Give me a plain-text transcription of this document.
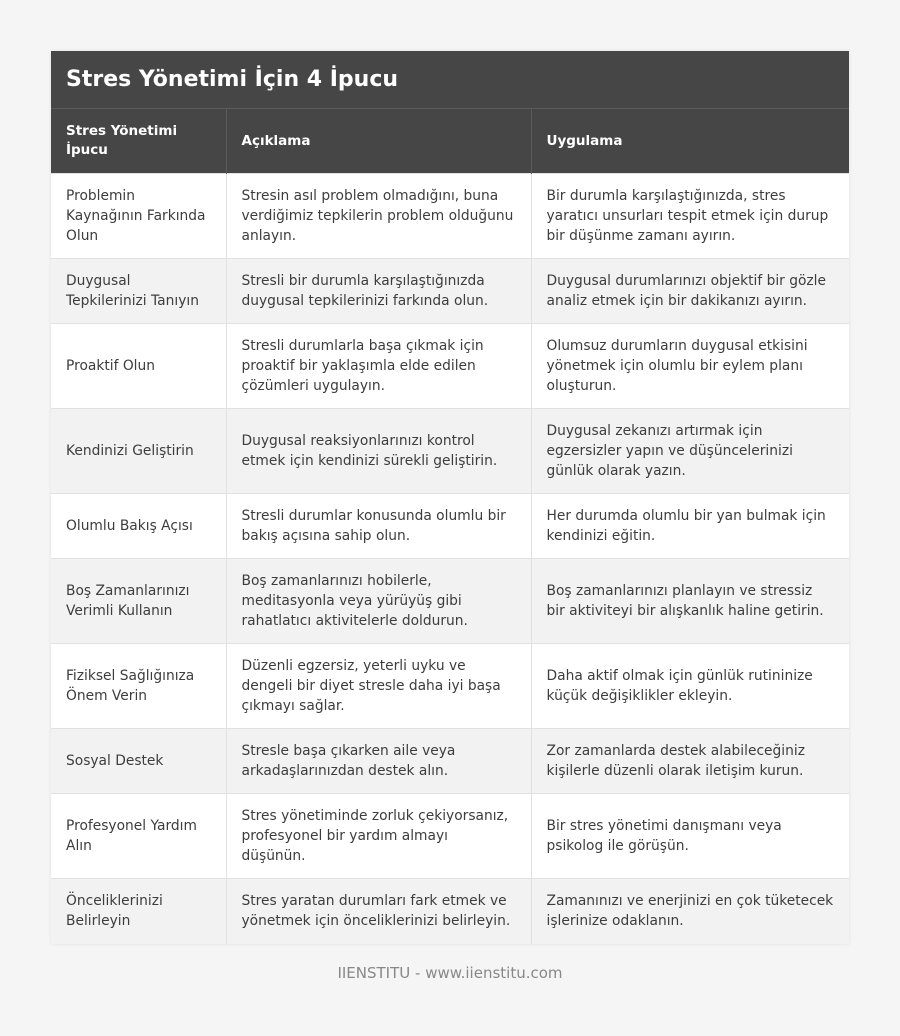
Stres Yönetimi İçin 4 İpucu
Stres Yönetimi İpucu	Açıklama	Uygulama
Problemin Kaynağının Farkında Olun	Stresin asıl problem olmadığını, buna verdiğimiz tepkilerin problem olduğunu anlayın.	Bir durumla karşılaştığınızda, stres yaratıcı unsurları tespit etmek için durup bir düşünme zamanı ayırın.
Duygusal Tepkilerinizi Tanıyın	Stresli bir durumla karşılaştığınızda duygusal tepkilerinizi farkında olun.	Duygusal durumlarınızı objektif bir gözle analiz etmek için bir dakikanızı ayırın.
Proaktif Olun	Stresli durumlarla başa çıkmak için proaktif bir yaklaşımla elde edilen çözümleri uygulayın.	Olumsuz durumların duygusal etkisini yönetmek için olumlu bir eylem planı oluşturun.
Kendinizi Geliştirin	Duygusal reaksiyonlarınızı kontrol etmek için kendinizi sürekli geliştirin.	Duygusal zekanızı artırmak için egzersizler yapın ve düşüncelerinizi günlük olarak yazın.
Olumlu Bakış Açısı	Stresli durumlar konusunda olumlu bir bakış açısına sahip olun.	Her durumda olumlu bir yan bulmak için kendinizi eğitin.
Boş Zamanlarınızı Verimli Kullanın	Boş zamanlarınızı hobilerle, meditasyonla veya yürüyüş gibi rahatlatıcı aktivitelerle doldurun.	Boş zamanlarınızı planlayın ve stressiz bir aktiviteyi bir alışkanlık haline getirin.
Fiziksel Sağlığınıza Önem Verin	Düzenli egzersiz, yeterli uyku ve dengeli bir diyet stresle daha iyi başa çıkmayı sağlar.	Daha aktif olmak için günlük rutininize küçük değişiklikler ekleyin.
Sosyal Destek	Stresle başa çıkarken aile veya arkadaşlarınızdan destek alın.	Zor zamanlarda destek alabileceğiniz kişilerle düzenli olarak iletişim kurun.
Profesyonel Yardım Alın	Stres yönetiminde zorluk çekiyorsanız, profesyonel bir yardım almayı düşünün.	Bir stres yönetimi danışmanı veya psikolog ile görüşün.
Önceliklerinizi Belirleyin	Stres yaratan durumları fark etmek ve yönetmek için önceliklerinizi belirleyin.	Zamanınızı ve enerjinizi en çok tüketecek işlerinize odaklanın.
IIENSTITU - www.iienstitu.com
